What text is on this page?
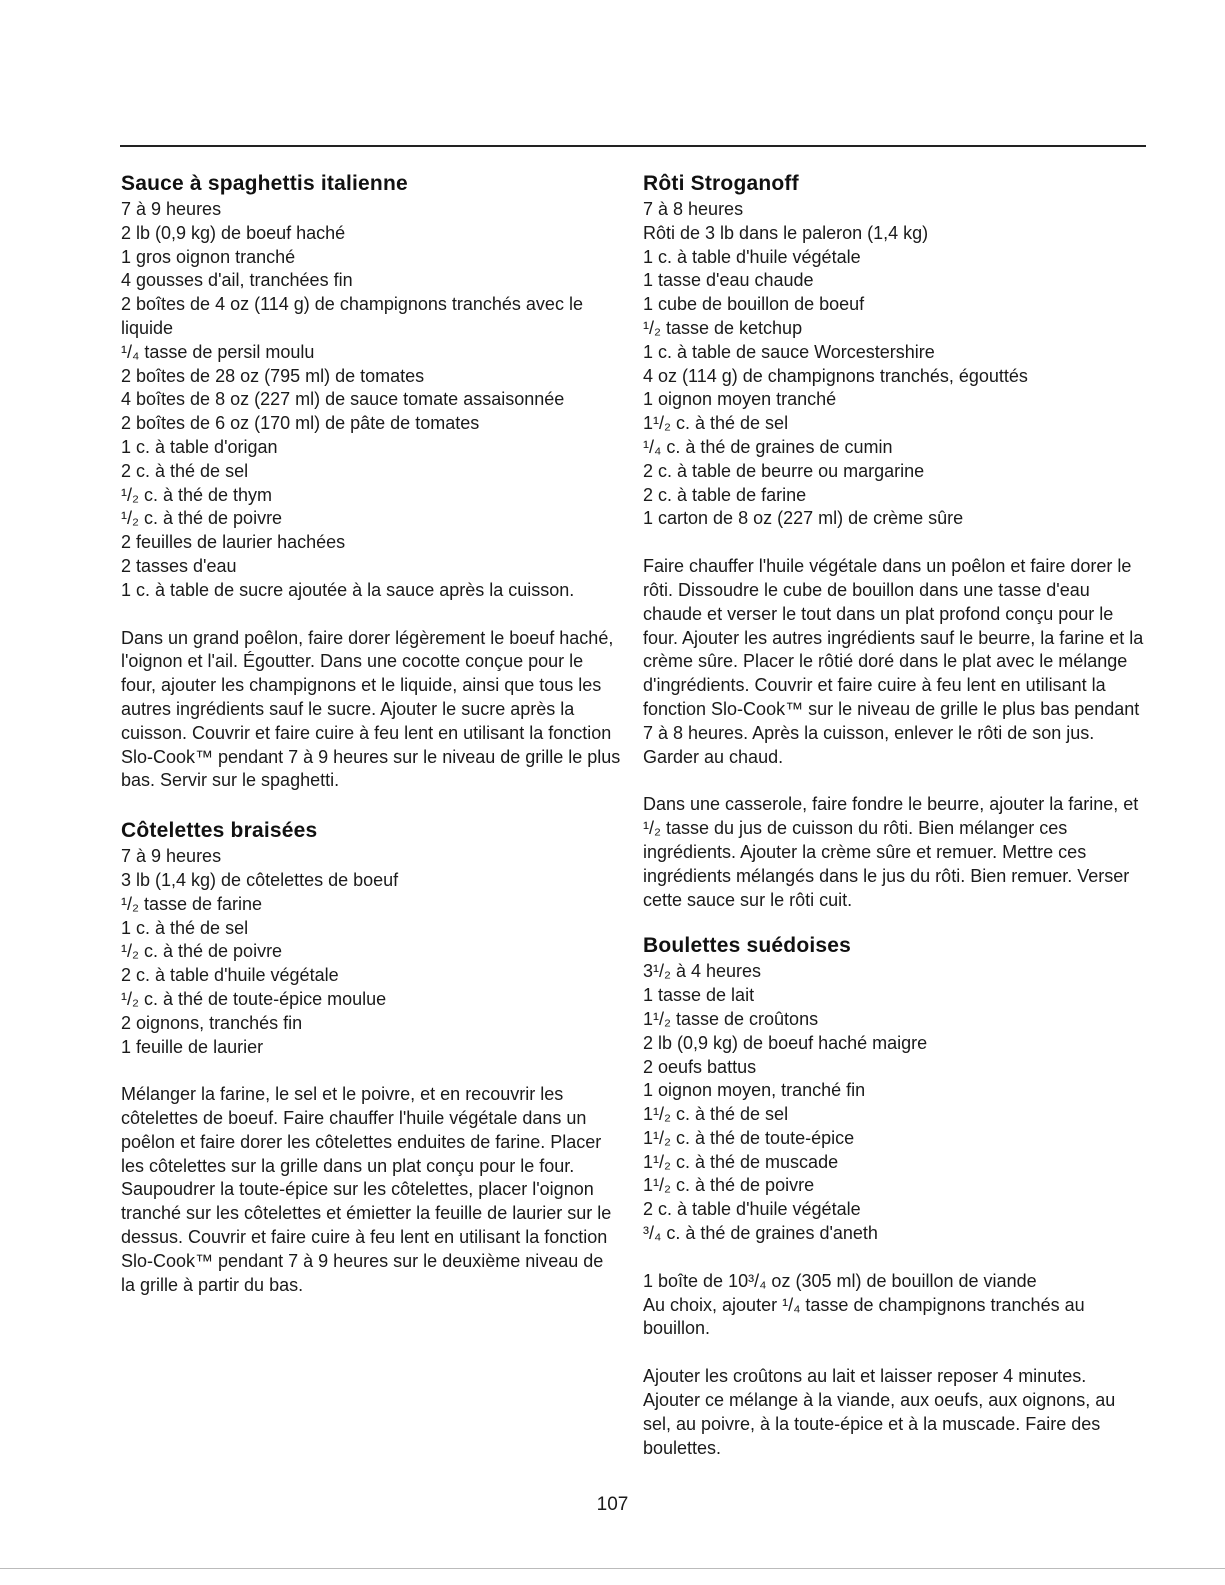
Sauce à spaghettis italienne

7 à 9 heures

2 lb (0,9 kg) de boeuf haché

1 gros oignon tranché

4 gousses d'ail, tranchées fin

2 boîtes de 4 oz (114 g) de champignons tranchés avec le

liquide

¹/₄ tasse de persil moulu

2 boîtes de 28 oz (795 ml) de tomates

4 boîtes de 8 oz (227 ml) de sauce tomate assaisonnée

2 boîtes de 6 oz (170 ml) de pâte de tomates

1 c. à table d'origan

2 c. à thé de sel

¹/₂ c. à thé de thym

¹/₂ c. à thé de poivre

2 feuilles de laurier hachées

2 tasses d'eau

1 c. à table de sucre ajoutée à la sauce après la cuisson.

Dans un grand poêlon, faire dorer légèrement le boeuf haché, l'oignon et l'ail. Égoutter. Dans une cocotte conçue pour le four, ajouter les champignons et le liquide, ainsi que tous les autres ingrédients sauf le sucre. Ajouter le sucre après la cuisson. Couvrir et faire cuire à feu lent en utilisant la fonction Slo-Cook™ pendant 7 à 9 heures sur le niveau de grille le plus bas. Servir sur le spaghetti.

Côtelettes braisées

7 à 9 heures

3 lb (1,4 kg) de côtelettes de boeuf

¹/₂ tasse de farine

1 c. à thé de sel

¹/₂ c. à thé de poivre

2 c. à table d'huile végétale

¹/₂ c. à thé de toute-épice moulue

2 oignons, tranchés fin

1 feuille de laurier

Mélanger la farine, le sel et le poivre, et en recouvrir les côtelettes de boeuf. Faire chauffer l'huile végétale dans un poêlon et faire dorer les côtelettes enduites de farine. Placer les côtelettes sur la grille dans un plat conçu pour le four. Saupoudrer la toute-épice sur les côtelettes, placer l'oignon tranché sur les côtelettes et émietter la feuille de laurier sur le dessus. Couvrir et faire cuire à feu lent en utilisant la fonction Slo-Cook™ pendant 7 à 9 heures sur le deuxième niveau de la grille à partir du bas.

Rôti Stroganoff

7 à 8 heures

Rôti de 3 lb dans le paleron (1,4 kg)

1 c. à table d'huile végétale

1 tasse d'eau chaude

1 cube de bouillon de boeuf

¹/₂ tasse de ketchup

1 c. à table de sauce Worcestershire

4 oz (114 g) de champignons tranchés, égouttés

1 oignon moyen tranché

1¹/₂ c. à thé de sel

¹/₄ c. à thé de graines de cumin

2 c. à table de beurre ou margarine

2 c. à table de farine

1 carton de 8 oz (227 ml) de crème sûre

Faire chauffer l'huile végétale dans un poêlon et faire dorer le rôti. Dissoudre le cube de bouillon dans une tasse d'eau chaude et verser le tout dans un plat profond conçu pour le four. Ajouter les autres ingrédients sauf le beurre, la farine et la crème sûre. Placer le rôtié doré dans le plat avec le mélange d'ingrédients. Couvrir et faire cuire à feu lent en utilisant la fonction Slo-Cook™ sur le niveau de grille le plus bas pendant 7 à 8 heures. Après la cuisson, enlever le rôti de son jus. Garder au chaud.

Dans une casserole, faire fondre le beurre, ajouter la farine, et ¹/₂ tasse du jus de cuisson du rôti. Bien mélanger ces ingrédients. Ajouter la crème sûre et remuer. Mettre ces ingrédients mélangés dans le jus du rôti. Bien remuer. Verser cette sauce sur le rôti cuit.

Boulettes suédoises

3¹/₂ à 4 heures

1 tasse de lait

1¹/₂ tasse de croûtons

2 lb (0,9 kg) de boeuf haché maigre

2 oeufs battus

1 oignon moyen, tranché fin

1¹/₂ c. à thé de sel

1¹/₂ c. à thé de toute-épice

1¹/₂ c. à thé de muscade

1¹/₂ c. à thé de poivre

2 c. à table d'huile végétale

³/₄ c. à thé de graines d'aneth

1 boîte de 10³/₄ oz (305 ml) de bouillon de viande

Au choix, ajouter ¹/₄ tasse de champignons tranchés au bouillon.

Ajouter les croûtons au lait et laisser reposer 4 minutes. Ajouter ce mélange à la viande, aux oeufs, aux oignons, au sel, au poivre, à la toute-épice et à la muscade. Faire des boulettes.

107
